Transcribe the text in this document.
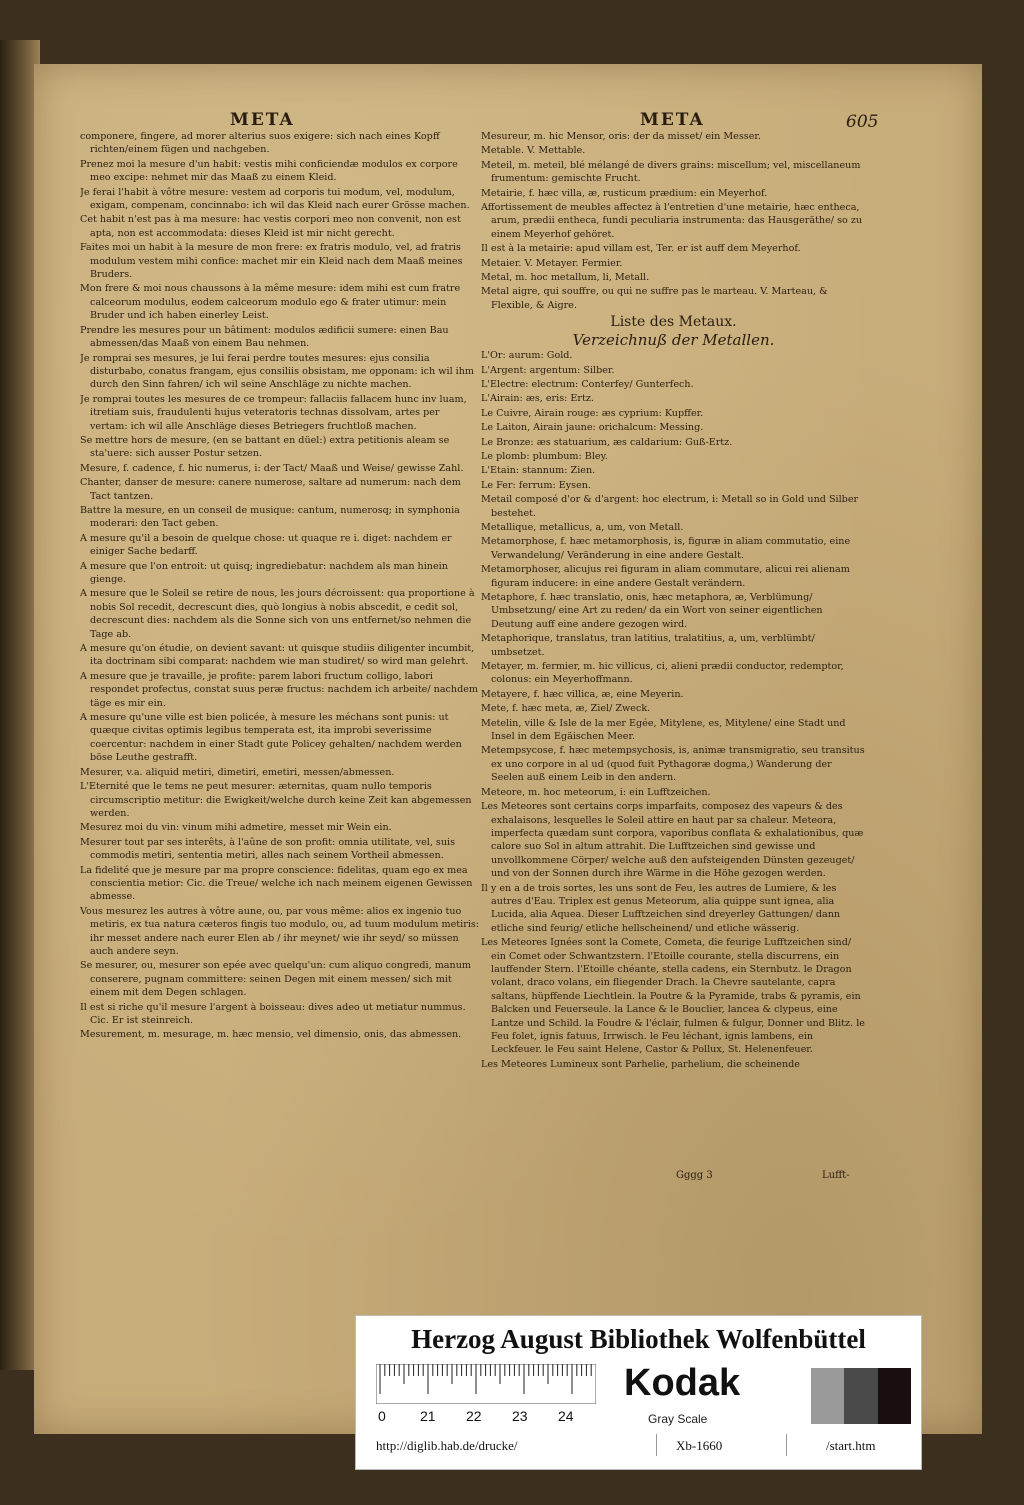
META	META	605

componere, fingere, ad morer alterius suos exigere: sich nach eines Kopff richten/einem fügen und nachgeben.

Prenez moi la mesure d'un habit: vestis mihi conficiendæ modulos ex corpore meo excipe: nehmet mir das Maaß zu einem Kleid.

Je ferai l'habit à vôtre mesure: vestem ad corporis tui modum, vel, modulum, exigam, compenam, concinnabo: ich wil das Kleid nach eurer Grösse machen.

Cet habit n'est pas à ma mesure: hac vestis corpori meo non convenit, non est apta, non est accommodata: dieses Kleid ist mir nicht gerecht.

Faites moi un habit à la mesure de mon frere: ex fratris modulo, vel, ad fratris modulum vestem mihi confice: machet mir ein Kleid nach dem Maaß meines Bruders.

Mon frere & moi nous chaussons à la même mesure: idem mihi est cum fratre calceorum modulus, eodem calceorum modulo ego & frater utimur: mein Bruder und ich haben einerley Leist.

Prendre les mesures pour un bâtiment: modulos ædificii sumere: einen Bau abmessen/das Maaß von einem Bau nehmen.

Je romprai ses mesures, je lui ferai perdre toutes mesures: ejus consilia disturbabo, conatus frangam, ejus consiliis obsistam, me opponam: ich wil ihm durch den Sinn fahren/ ich wil seine Anschläge zu nichte machen.

Je romprai toutes les mesures de ce trompeur: fallaciis fallacem hunc inv luam, itretiam suis, fraudulenti hujus veteratoris technas dissolvam, artes per vertam: ich wil alle Anschläge dieses Betriegers fruchtloß machen.

Se mettre hors de mesure, (en se battant en düel:) extra petitionis aleam se sta'uere: sich ausser Postur setzen.

Mesure, f. cadence, f. hic numerus, i: der Tact/ Maaß und Weise/ gewisse Zahl.

Chanter, danser de mesure: canere numerose, saltare ad numerum: nach dem Tact tantzen.

Battre la mesure, en un conseil de musique: cantum, numerosq; in symphonia moderari: den Tact geben.

A mesure qu'il a besoin de quelque chose: ut quaque re i. diget: nachdem er einiger Sache bedarff.

A mesure que l'on entroit: ut quisq; ingrediebatur: nachdem als man hinein gienge.

A mesure que le Soleil se retire de nous, les jours décroissent: qua proportione à nobis Sol recedit, decrescunt dies, quò longius à nobis abscedit, e cedit sol, decrescunt dies: nachdem als die Sonne sich von uns entfernet/so nehmen die Tage ab.

A mesure qu'on étudie, on devient savant: ut quisque studiis diligenter incumbit, ita doctrinam sibi comparat: nachdem wie man studiret/ so wird man gelehrt.

A mesure que je travaille, je profite: parem labori fructum colligo, labori respondet profectus, constat suus peræ fructus: nachdem ich arbeite/ nachdem täge es mir ein.

A mesure qu'une ville est bien policée, à mesure les méchans sont punis: ut quæque civitas optimis legibus temperata est, ita improbi severissime coercentur: nachdem in einer Stadt gute Policey gehalten/ nachdem werden böse Leuthe gestrafft.

Mesurer, v.a. aliquid metiri, dimetiri, emetiri, messen/abmessen.

L'Eternité que le tems ne peut mesurer: æternitas, quam nullo temporis circumscriptio metitur: die Ewigkeit/welche durch keine Zeit kan abgemessen werden.

Mesurez moi du vin: vinum mihi admetire, messet mir Wein ein.

Mesurer tout par ses interêts, à l'aûne de son profit: omnia utilitate, vel, suis commodis metiri, sententia metiri, alles nach seinem Vortheil abmessen.

La fidelité que je mesure par ma propre conscience: fidelitas, quam ego ex mea conscientia metior: Cic. die Treue/ welche ich nach meinem eigenen Gewissen abmesse.

Vous mesurez les autres à vôtre aune, ou, par vous même: alios ex ingenio tuo metiris, ex tua natura cæteros fingis tuo modulo, ou, ad tuum modulum metiris: ihr messet andere nach eurer Elen ab / ihr meynet/ wie ihr seyd/ so müssen auch andere seyn.

Se mesurer, ou, mesurer son epée avec quelqu'un: cum aliquo congredi, manum conserere, pugnam committere: seinen Degen mit einem messen/ sich mit einem mit dem Degen schlagen.

Il est si riche qu'il mesure l'argent à boisseau: dives adeo ut metiatur nummus. Cic. Er ist steinreich.

Mesurement, m. mesurage, m. hæc mensio, vel dimensio, onis, das abmessen.

Mesureur, m. hic Mensor, oris: der da misset/ ein Messer.

Metable. V. Mettable.

Meteil, m. meteil, blé mélangé de divers grains: miscellum; vel, miscellaneum frumentum: gemischte Frucht.

Metairie, f. hæc villa, æ, rusticum prædium: ein Meyerhof.

Affortissement de meubles affectez à l'entretien d'une metairie, hæc entheca, arum, prædii entheca, fundi peculiaria instrumenta: das Hausgeräthe/ so zu einem Meyerhof gehöret.

Il est à la metairie: apud villam est, Ter. er ist auff dem Meyerhof.

Metaier. V. Metayer. Fermier.

Metal, m. hoc metallum, li, Metall.

Metal aigre, qui souffre, ou qui ne suffre pas le marteau. V. Marteau, & Flexible, & Aigre.

Liste des Metaux.
Verzeichnuß der Metallen.

L'Or: aurum: Gold.

L'Argent: argentum: Silber.

L'Electre: electrum: Conterfey/ Gunterfech.

L'Airain: æs, eris: Ertz.

Le Cuivre, Airain rouge: æs cyprium: Kupffer.

Le Laiton, Airain jaune: orichalcum: Messing.

Le Bronze: æs statuarium, æs caldarium: Guß-Ertz.

Le plomb: plumbum: Bley.

L'Etain: stannum: Zien.

Le Fer: ferrum: Eysen.

Metail composé d'or & d'argent: hoc electrum, i: Metall so in Gold und Silber bestehet.

Metallique, metallicus, a, um, von Metall.

Metamorphose, f. hæc metamorphosis, is, figuræ in aliam commutatio, eine Verwandelung/ Veränderung in eine andere Gestalt.

Metamorphoser, alicujus rei figuram in aliam commutare, alicui rei alienam figuram inducere: in eine andere Gestalt verändern.

Metaphore, f. hæc translatio, onis, hæc metaphora, æ, Verblümung/ Umbsetzung/ eine Art zu reden/ da ein Wort von seiner eigentlichen Deutung auff eine andere gezogen wird.

Metaphorique, translatus, tran latitius, tralatitius, a, um, verblümbt/ umbsetzet.

Metayer, m. fermier, m. hic villicus, ci, alieni prædii conductor, redemptor, colonus: ein Meyerhoffmann.

Metayere, f. hæc villica, æ, eine Meyerin.

Mete, f. hæc meta, æ, Ziel/ Zweck.

Metelin, ville & Isle de la mer Egée, Mitylene, es, Mitylene/ eine Stadt und Insel in dem Egäischen Meer.

Metempsycose, f. hæc metempsychosis, is, animæ transmigratio, seu transitus ex uno corpore in al ud (quod fuit Pythagoræ dogma,) Wanderung der Seelen auß einem Leib in den andern.

Meteore, m. hoc meteorum, i: ein Lufftzeichen.

Les Meteores sont certains corps imparfaits, composez des vapeurs & des exhalaisons, lesquelles le Soleil attire en haut par sa chaleur. Meteora, imperfecta quædam sunt corpora, vaporibus conflata & exhalationibus, quæ calore suo Sol in altum attrahit. Die Lufftzeichen sind gewisse und unvollkommene Cörper/ welche auß den aufsteigenden Dünsten gezeuget/ und von der Sonnen durch ihre Wärme in die Höhe gezogen werden.

Il y en a de trois sortes, les uns sont de Feu, les autres de Lumiere, & les autres d'Eau. Triplex est genus Meteorum, alia quippe sunt ignea, alia Lucida, alia Aquea. Dieser Lufftzeichen sind dreyerley Gattungen/ dann etliche sind feurig/ etliche hellscheinend/ und etliche wässerig.

Les Meteores Ignées sont la Comete, Cometa, die feurige Lufftzeichen sind/ ein Comet oder Schwantzstern. l'Etoille courante, stella discurrens, ein lauffender Stern. l'Etoille chéante, stella cadens, ein Sternbutz. le Dragon volant, draco volans, ein fliegender Drach. la Chevre sautelante, capra saltans, hüpffende Liechtlein. la Poutre & la Pyramide, trabs & pyramis, ein Balcken und Feuerseule. la Lance & le Bouclier, lancea & clypeus, eine Lantze und Schild. la Foudre & l'éclair, fulmen & fulgur, Donner und Blitz. le Feu folet, ignis fatuus, Irrwisch. le Feu léchant, ignis lambens, ein Leckfeuer. le Feu saint Helene, Castor & Pollux, St. Helenenfeuer.

Les Meteores Lumineux sont Parhelie, parhelium, die scheinende

Gggg 3	Lufft-
Herzog August Bibliothek Wolfenbüttel
0 21 22 23 24
Kodak
Gray Scale
http://diglib.hab.de/drucke/	Xb-1660	/start.htm
